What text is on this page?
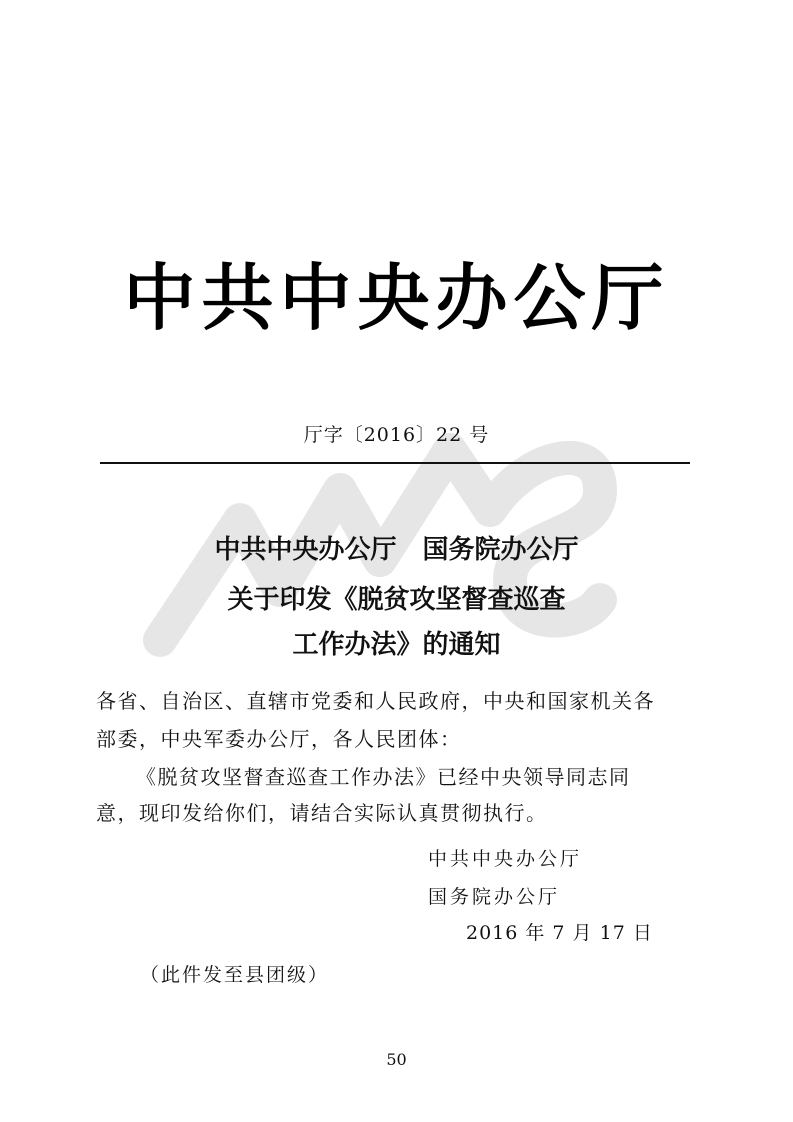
中共中央办公厅
厅字〔2016〕22 号
中共中央办公厅　国务院办公厅
关于印发《脱贫攻坚督查巡查
工作办法》的通知
各省、自治区、直辖市党委和人民政府，中央和国家机关各
部委，中央军委办公厅，各人民团体：
《脱贫攻坚督查巡查工作办法》已经中央领导同志同
意，现印发给你们，请结合实际认真贯彻执行。
中共中央办公厅
国务院办公厅
2016 年 7 月 17 日
（此件发至县团级）
50
